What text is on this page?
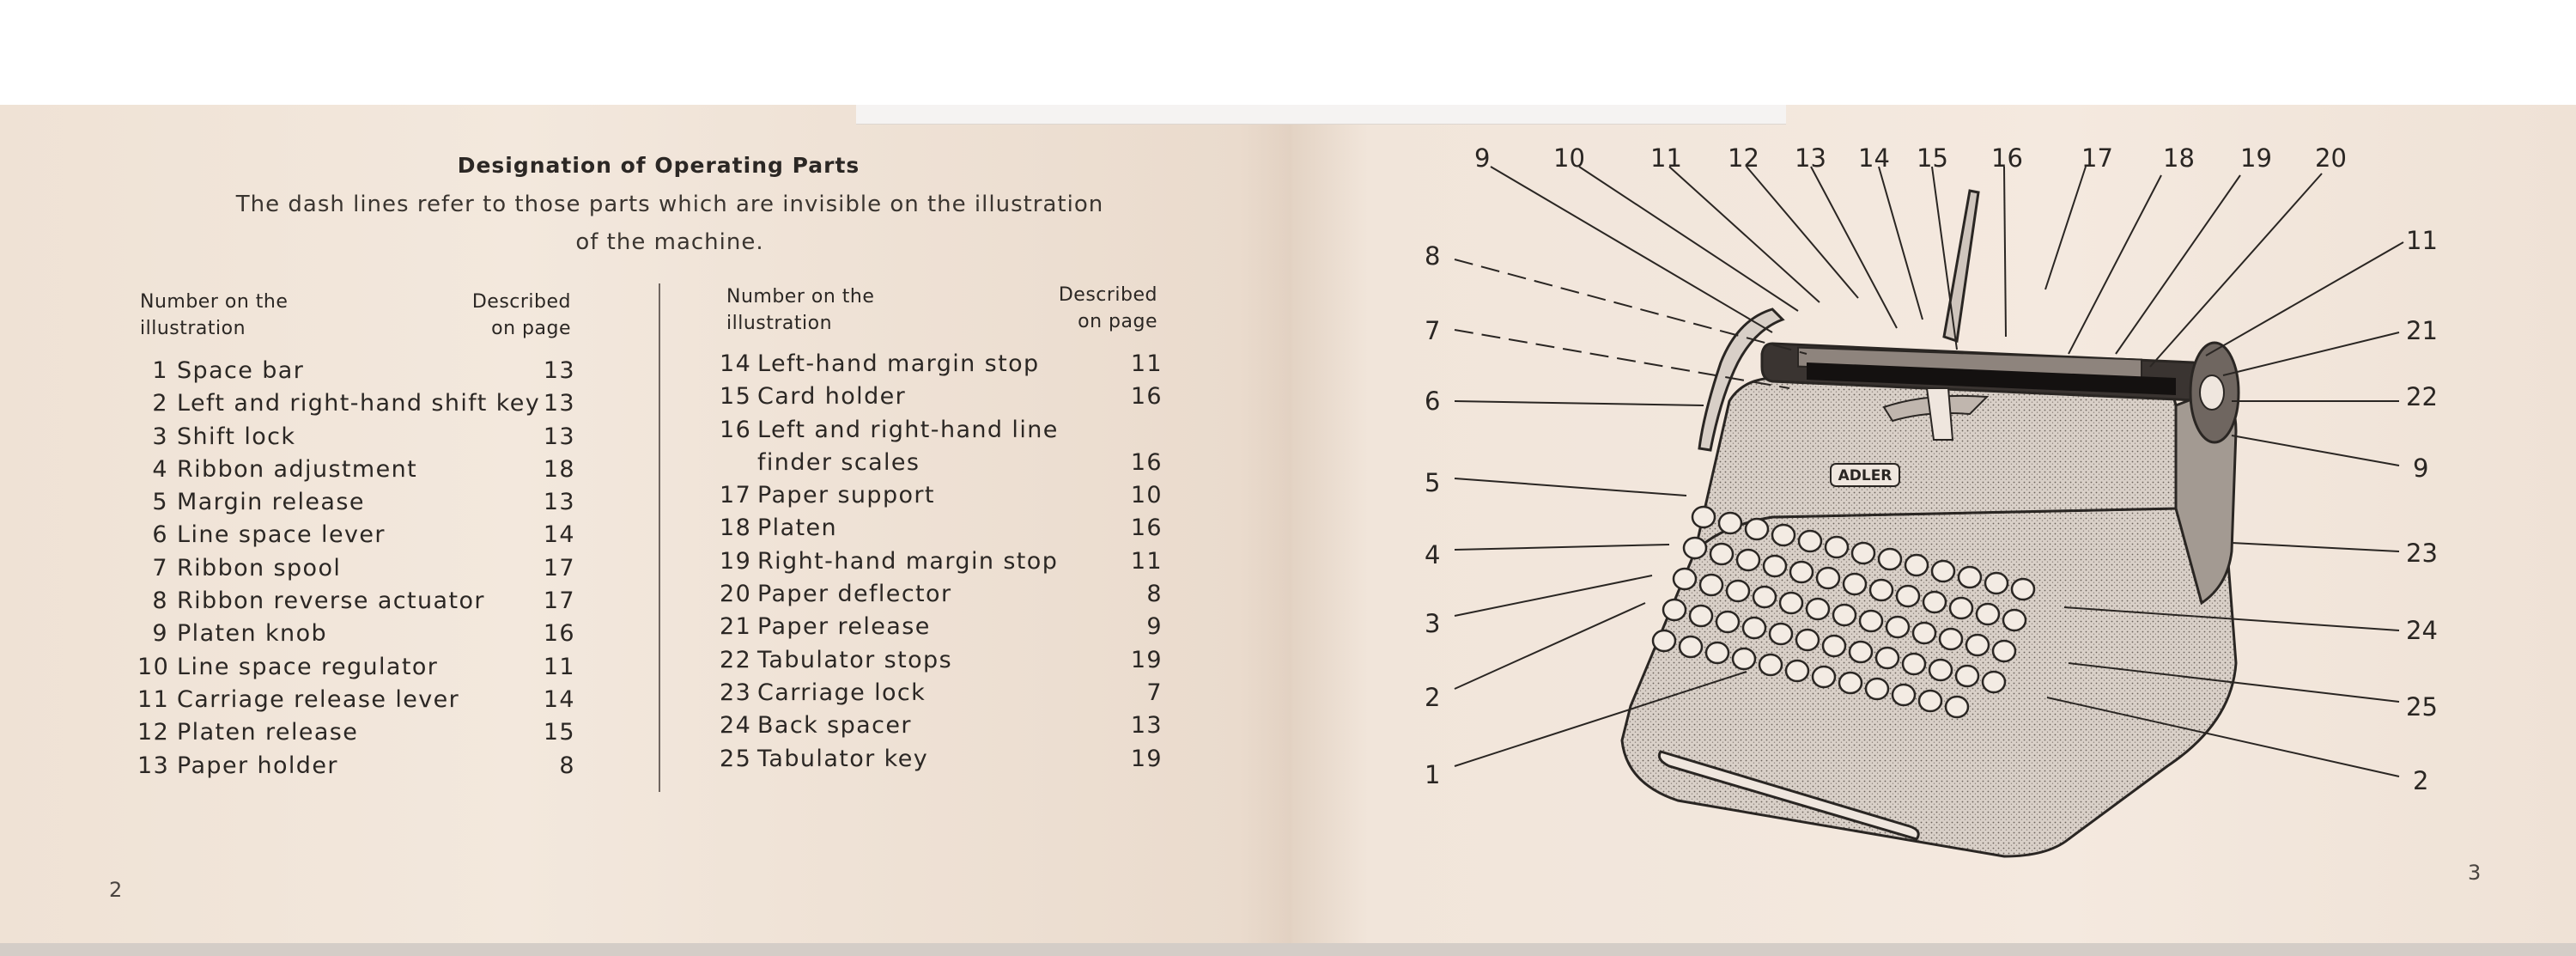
Designation of Operating Parts
The dash lines refer to those parts which are invisible on the illustration
of the machine.
Number on the
illustration
Described
on page
Number on the
illustration
Described
on page
1 Space bar	13
2 Left and right-hand shift key 13
3 Shift lock	13
4 Ribbon adjustment	18
5 Margin release	13
6 Line space lever	14
7 Ribbon spool	17
8 Ribbon reverse actuator	17
9 Platen knob	16
10 Line space regulator	11
11 Carriage release lever	14
12 Platen release	15
13 Paper holder	8
14 Left-hand margin stop	11
15 Card holder	16
16 Left and right-hand line
finder scales	16
17 Paper support	10
18 Platen	16
19 Right-hand margin stop	11
20 Paper deflector	8
21 Paper release	9
22 Tabulator stops	19
23 Carriage lock	7
24 Back spacer	13
25 Tabulator key	19
2
3
ADLER
9	10	11 12 13 14 15 16 17 18 19 20
8
7
6
5
4
3
2
1
11
21
22
9
23
24
25
2
